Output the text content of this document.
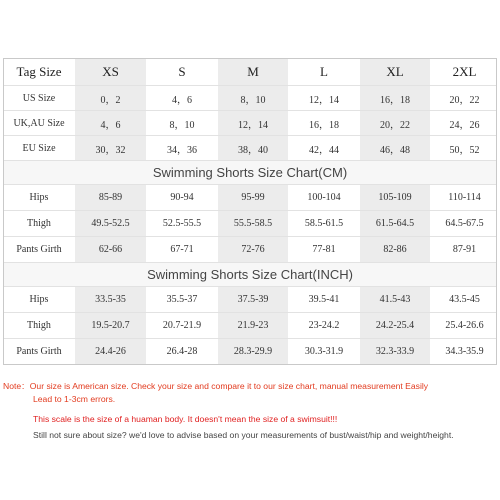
Tag Size	XS	S	M	L	XL	2XL
US Size	0，2	4，6	8，10	12，14	16，18	20，22
UK,AU Size	4，6	8，10	12，14	16，18	20，22	24，26
EU Size	30，32	34，36	38，40	42，44	46，48	50，52
Swimming Shorts Size Chart(CM)
Hips	85-89	90-94	95-99	100-104	105-109	110-114
Thigh	49.5-52.5	52.5-55.5	55.5-58.5	58.5-61.5	61.5-64.5	64.5-67.5
Pants Girth	62-66	67-71	72-76	77-81	82-86	87-91
Swimming Shorts Size Chart(INCH)
Hips	33.5-35	35.5-37	37.5-39	39.5-41	41.5-43	43.5-45
Thigh	19.5-20.7	20.7-21.9	21.9-23	23-24.2	24.2-25.4	25.4-26.6
Pants Girth	24.4-26	26.4-28	28.3-29.9	30.3-31.9	32.3-33.9	34.3-35.9
Note：Our size is American size. Check your size and compare it to our size chart, manual measurement Easily
Lead to 1-3cm errors.
This scale is the size of a huaman body. It doesn't mean the size of a swimsuit!!!
Still not sure about size? we'd love to advise based on your measurements of bust/waist/hip and weight/height.
